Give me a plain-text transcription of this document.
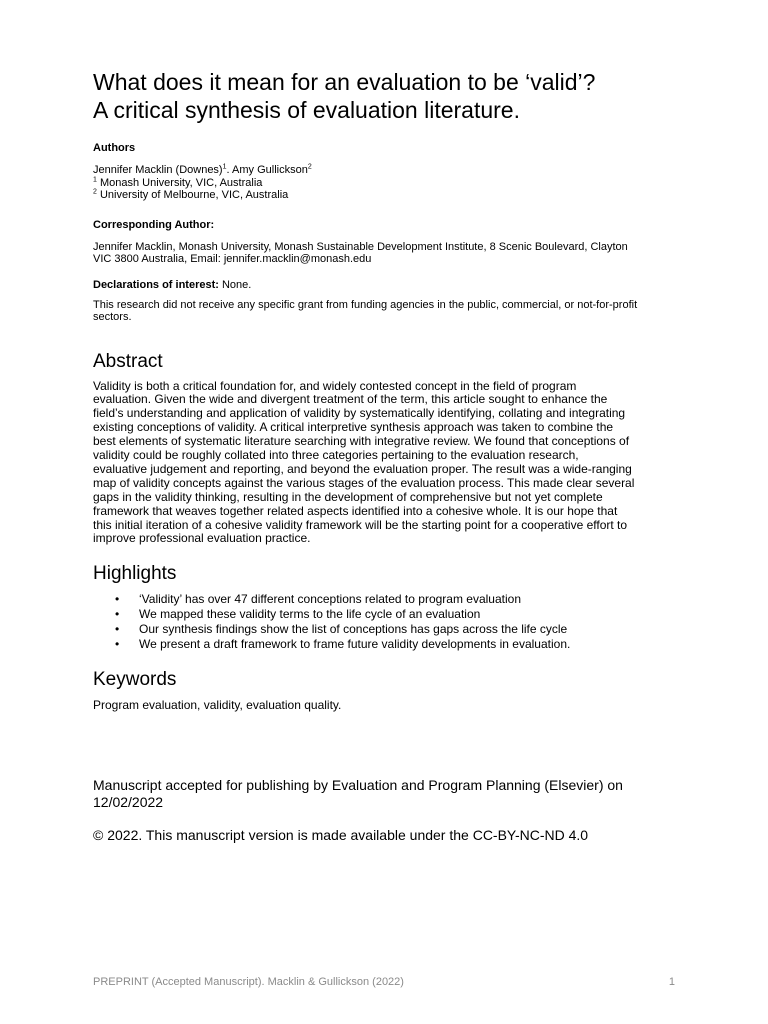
What does it mean for an evaluation to be ‘valid’?
A critical synthesis of evaluation literature.
Authors

Jennifer Macklin (Downes)$^1$. Amy Gullickson$^2$

$^1$ Monash University, VIC, Australia

$^2$ University of Melbourne, VIC, Australia

Corresponding Author:

Jennifer Macklin, Monash University, Monash Sustainable Development Institute, 8 Scenic Boulevard, Clayton

VIC 3800 Australia, Email: jennifer.macklin@monash.edu

Declarations of interest: None.

This research did not receive any specific grant from funding agencies in the public, commercial, or not-for-profit

sectors.

Abstract
Validity is both a critical foundation for, and widely contested concept in the field of program
evaluation. Given the wide and divergent treatment of the term, this article sought to enhance the
field’s understanding and application of validity by systematically identifying, collating and integrating
existing conceptions of validity. A critical interpretive synthesis approach was taken to combine the
best elements of systematic literature searching with integrative review. We found that conceptions of
validity could be roughly collated into three categories pertaining to the evaluation research,
evaluative judgement and reporting, and beyond the evaluation proper. The result was a wide-ranging
map of validity concepts against the various stages of the evaluation process. This made clear several
gaps in the validity thinking, resulting in the development of comprehensive but not yet complete
framework that weaves together related aspects identified into a cohesive whole. It is our hope that
this initial iteration of a cohesive validity framework will be the starting point for a cooperative effort to
improve professional evaluation practice.
Highlights
• ‘Validity’ has over 47 different conceptions related to program evaluation
• We mapped these validity terms to the life cycle of an evaluation
• Our synthesis findings show the list of conceptions has gaps across the life cycle
• We present a draft framework to frame future validity developments in evaluation.
Keywords

Program evaluation, validity, evaluation quality.

Manuscript accepted for publishing by Evaluation and Program Planning (Elsevier) on
12/02/2022

© 2022. This manuscript version is made available under the CC-BY-NC-ND 4.0

PREPRINT (Accepted Manuscript). Macklin & Gullickson (2022)	1
